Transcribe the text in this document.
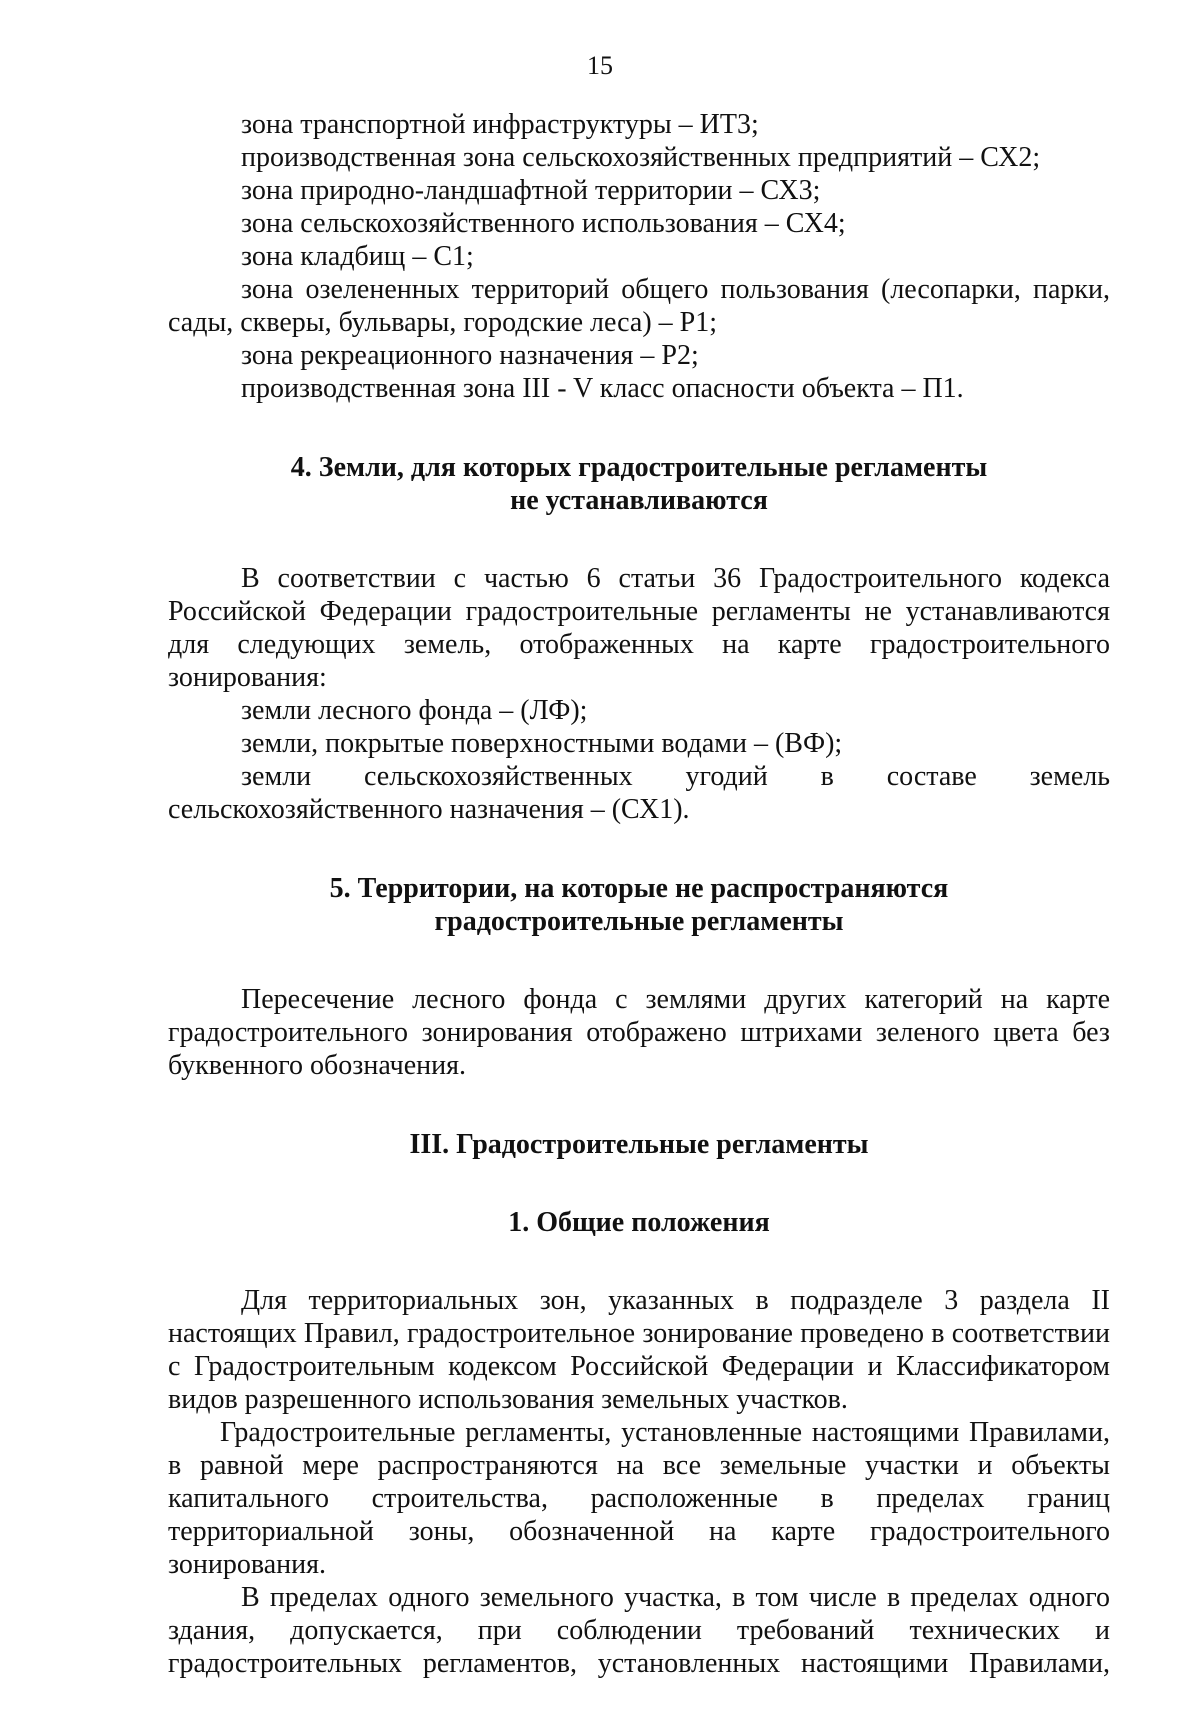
15

зона транспортной инфраструктуры – ИТ3;

производственная зона сельскохозяйственных предприятий – СХ2;

зона природно-ландшафтной территории – СХ3;

зона сельскохозяйственного использования – СХ4;

зона кладбищ – С1;

зона озелененных территорий общего пользования (лесопарки, парки, сады, скверы, бульвары, городские леса) – Р1;

зона рекреационного назначения – Р2;

производственная зона III - V класс опасности объекта – П1.

4. Земли, для которых градостроительные регламенты

не устанавливаются

В соответствии с частью 6 статьи 36 Градостроительного кодекса Российской Федерации градостроительные регламенты не устанавливаются для следующих земель, отображенных на карте градостроительного зонирования:

земли лесного фонда – (ЛФ);

земли, покрытые поверхностными водами – (ВФ);

земли сельскохозяйственных угодий в составе земель сельскохозяйственного назначения – (СХ1).

5. Территории, на которые не распространяются

градостроительные регламенты

Пересечение лесного фонда с землями других категорий на карте градостроительного зонирования отображено штрихами зеленого цвета без буквенного обозначения.

III. Градостроительные регламенты

1. Общие положения

Для территориальных зон, указанных в подразделе 3 раздела II настоящих Правил, градостроительное зонирование проведено в соответствии с Градостроительным кодексом Российской Федерации и Классификатором видов разрешенного использования земельных участков.

Градостроительные регламенты, установленные настоящими Правилами, в равной мере распространяются на все земельные участки и объекты капитального строительства, расположенные в пределах границ территориальной зоны, обозначенной на карте градостроительного зонирования.

В пределах одного земельного участка, в том числе в пределах одного здания, допускается, при соблюдении требований технических и градостроительных регламентов, установленных настоящими Правилами,
